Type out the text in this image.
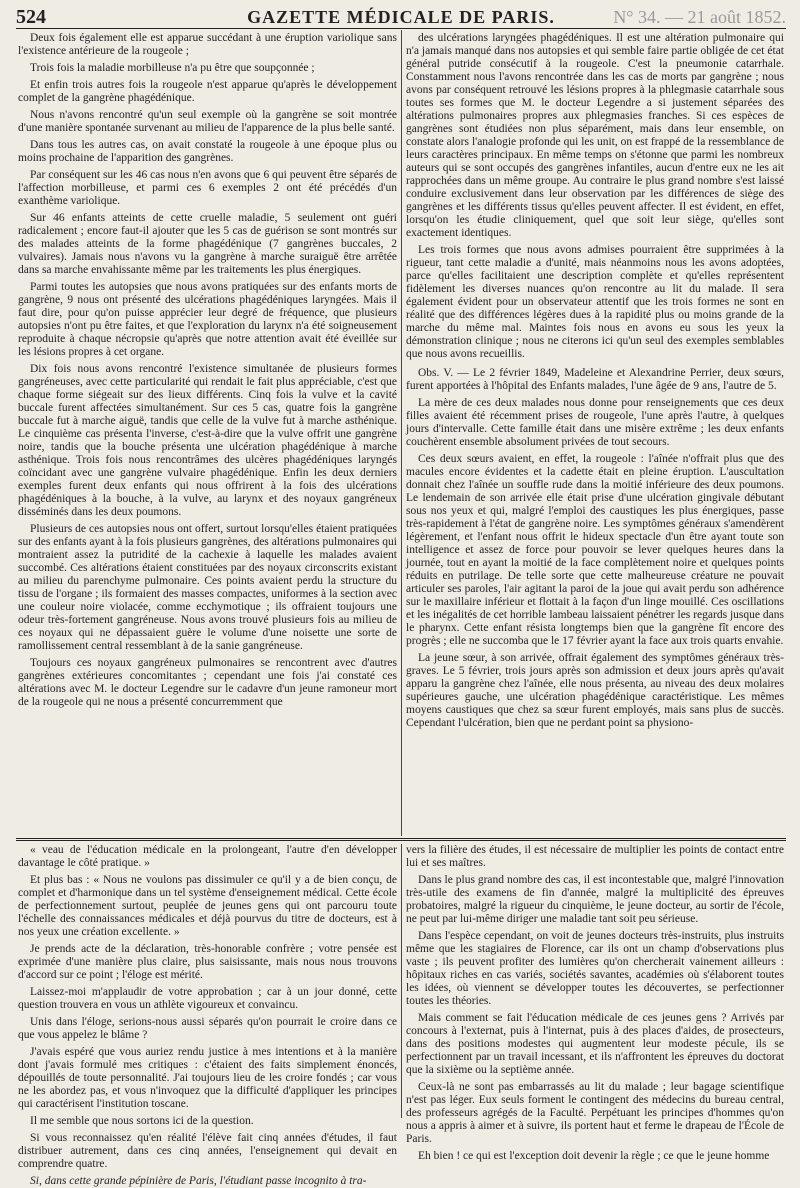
524	GAZETTE MÉDICALE DE PARIS.	N° 34. — 21 août 1852.

Deux fois également elle est apparue succédant à une éruption variolique sans l'existence antérieure de la rougeole ;

Trois fois la maladie morbilleuse n'a pu être que soupçonnée ;

Et enfin trois autres fois la rougeole n'est apparue qu'après le développement complet de la gangrène phagédénique.

Nous n'avons rencontré qu'un seul exemple où la gangrène se soit montrée d'une manière spontanée survenant au milieu de l'apparence de la plus belle santé.

Dans tous les autres cas, on avait constaté la rougeole à une époque plus ou moins prochaine de l'apparition des gangrènes.

Par conséquent sur les 46 cas nous n'en avons que 6 qui peuvent être séparés de l'affection morbilleuse, et parmi ces 6 exemples 2 ont été précédés d'un exanthème variolique.

Sur 46 enfants atteints de cette cruelle maladie, 5 seulement ont guéri radicalement ; encore faut-il ajouter que les 5 cas de guérison se sont montrés sur des malades atteints de la forme phagédénique (7 gangrènes buccales, 2 vulvaires). Jamais nous n'avons vu la gangrène à marche suraiguë être arrêtée dans sa marche envahissante même par les traitements les plus énergiques.

Parmi toutes les autopsies que nous avons pratiquées sur des enfants morts de gangrène, 9 nous ont présenté des ulcérations phagédéniques laryngées. Mais il faut dire, pour qu'on puisse apprécier leur degré de fréquence, que plusieurs autopsies n'ont pu être faites, et que l'exploration du larynx n'a été soigneusement reproduite à chaque nécropsie qu'après que notre attention avait été éveillée sur les lésions propres à cet organe.

Dix fois nous avons rencontré l'existence simultanée de plusieurs formes gangréneuses, avec cette particularité qui rendait le fait plus appréciable, c'est que chaque forme siégeait sur des lieux différents. Cinq fois la vulve et la cavité buccale furent affectées simultanément. Sur ces 5 cas, quatre fois la gangrène buccale fut à marche aiguë, tandis que celle de la vulve fut à marche asthénique. Le cinquième cas présenta l'inverse, c'est-à-dire que la vulve offrit une gangrène noire, tandis que la bouche présenta une ulcération phagédénique à marche asthénique. Trois fois nous rencontrâmes des ulcères phagédéniques laryngés coïncidant avec une gangrène vulvaire phagédénique. Enfin les deux derniers exemples furent deux enfants qui nous offrirent à la fois des ulcérations phagédéniques à la bouche, à la vulve, au larynx et des noyaux gangréneux disséminés dans les deux poumons.

Plusieurs de ces autopsies nous ont offert, surtout lorsqu'elles étaient pratiquées sur des enfants ayant à la fois plusieurs gangrènes, des altérations pulmonaires qui montraient assez la putridité de la cachexie à laquelle les malades avaient succombé. Ces altérations étaient constituées par des noyaux circonscrits existant au milieu du parenchyme pulmonaire. Ces points avaient perdu la structure du tissu de l'organe ; ils formaient des masses compactes, uniformes à la section avec une couleur noire violacée, comme ecchymotique ; ils offraient toujours une odeur très-fortement gangréneuse. Nous avons trouvé plusieurs fois au milieu de ces noyaux qui ne dépassaient guère le volume d'une noisette une sorte de ramollissement central ressemblant à de la sanie gangréneuse.

Toujours ces noyaux gangréneux pulmonaires se rencontrent avec d'autres gangrènes extérieures concomitantes ; cependant une fois j'ai constaté ces altérations avec M. le docteur Legendre sur le cadavre d'un jeune ramoneur mort de la rougeole qui ne nous a présenté concurremment que

des ulcérations laryngées phagédéniques. Il est une altération pulmonaire qui n'a jamais manqué dans nos autopsies et qui semble faire partie obligée de cet état général putride consécutif à la rougeole. C'est la pneumonie catarrhale. Constamment nous l'avons rencontrée dans les cas de morts par gangrène ; nous avons par conséquent retrouvé les lésions propres à la phlegmasie catarrhale sous toutes ses formes que M. le docteur Legendre a si justement séparées des altérations pulmonaires propres aux phlegmasies franches. Si ces espèces de gangrènes sont étudiées non plus séparément, mais dans leur ensemble, on constate alors l'analogie profonde qui les unit, on est frappé de la ressemblance de leurs caractères principaux. En même temps on s'étonne que parmi les nombreux auteurs qui se sont occupés des gangrènes infantiles, aucun d'entre eux ne les ait rapprochées dans un même groupe. Au contraire le plus grand nombre s'est laissé conduire exclusivement dans leur observation par les différences de siège des gangrènes et les différents tissus qu'elles peuvent affecter. Il est évident, en effet, lorsqu'on les étudie cliniquement, quel que soit leur siège, qu'elles sont exactement identiques.

Les trois formes que nous avons admises pourraient être supprimées à la rigueur, tant cette maladie a d'unité, mais néanmoins nous les avons adoptées, parce qu'elles facilitaient une description complète et qu'elles représentent fidèlement les diverses nuances qu'on rencontre au lit du malade. Il sera également évident pour un observateur attentif que les trois formes ne sont en réalité que des différences légères dues à la rapidité plus ou moins grande de la marche du même mal. Maintes fois nous en avons eu sous les yeux la démonstration clinique ; nous ne citerons ici qu'un seul des exemples semblables que nous avons recueillis.

Obs. V. — Le 2 février 1849, Madeleine et Alexandrine Perrier, deux sœurs, furent apportées à l'hôpital des Enfants malades, l'une âgée de 9 ans, l'autre de 5.

La mère de ces deux malades nous donne pour renseignements que ces deux filles avaient été récemment prises de rougeole, l'une après l'autre, à quelques jours d'intervalle. Cette famille était dans une misère extrême ; les deux enfants couchèrent ensemble absolument privées de tout secours.

Ces deux sœurs avaient, en effet, la rougeole : l'aînée n'offrait plus que des macules encore évidentes et la cadette était en pleine éruption. L'auscultation donnait chez l'aînée un souffle rude dans la moitié inférieure des deux poumons. Le lendemain de son arrivée elle était prise d'une ulcération gingivale débutant sous nos yeux et qui, malgré l'emploi des caustiques les plus énergiques, passe très-rapidement à l'état de gangrène noire. Les symptômes généraux s'amendèrent légèrement, et l'enfant nous offrit le hideux spectacle d'un être ayant toute son intelligence et assez de force pour pouvoir se lever quelques heures dans la journée, tout en ayant la moitié de la face complètement noire et quelques points réduits en putrilage. De telle sorte que cette malheureuse créature ne pouvait articuler ses paroles, l'air agitant la paroi de la joue qui avait perdu son adhérence sur le maxillaire inférieur et flottait à la façon d'un linge mouillé. Ces oscillations et les inégalités de cet horrible lambeau laissaient pénétrer les regards jusque dans le pharynx. Cette enfant résista longtemps bien que la gangrène fît encore des progrès ; elle ne succomba que le 17 février ayant la face aux trois quarts envahie.

La jeune sœur, à son arrivée, offrait également des symptômes généraux très-graves. Le 5 février, trois jours après son admission et deux jours après qu'avait apparu la gangrène chez l'aînée, elle nous présenta, au niveau des deux molaires supérieures gauche, une ulcération phagédénique caractéristique. Les mêmes moyens caustiques que chez sa sœur furent employés, mais sans plus de succès. Cependant l'ulcération, bien que ne perdant point sa physiono-

« veau de l'éducation médicale en la prolongeant, l'autre d'en développer davantage le côté pratique. »

Et plus bas : « Nous ne voulons pas dissimuler ce qu'il y a de bien conçu, de complet et d'harmonique dans un tel système d'enseignement médical. Cette école de perfectionnement surtout, peuplée de jeunes gens qui ont parcouru toute l'échelle des connaissances médicales et déjà pourvus du titre de docteurs, est à nos yeux une création excellente. »

Je prends acte de la déclaration, très-honorable confrère ; votre pensée est exprimée d'une manière plus claire, plus saisissante, mais nous nous trouvons d'accord sur ce point ; l'éloge est mérité.

Laissez-moi m'applaudir de votre approbation ; car à un jour donné, cette question trouvera en vous un athlète vigoureux et convaincu.

Unis dans l'éloge, serions-nous aussi séparés qu'on pourrait le croire dans ce que vous appelez le blâme ?

J'avais espéré que vous auriez rendu justice à mes intentions et à la manière dont j'avais formulé mes critiques : c'étaient des faits simplement énoncés, dépouillés de toute personnalité. J'ai toujours lieu de les croire fondés ; car vous ne les abordez pas, et vous n'invoquez que la difficulté d'appliquer les principes qui caractérisent l'institution toscane.

Il me semble que nous sortons ici de la question.

Si vous reconnaissez qu'en réalité l'élève fait cinq années d'études, il faut distribuer autrement, dans ces cinq années, l'enseignement qui devait en comprendre quatre.

Si, dans cette grande pépinière de Paris, l'étudiant passe incognito à tra-

vers la filière des études, il est nécessaire de multiplier les points de contact entre lui et ses maîtres.

Dans le plus grand nombre des cas, il est incontestable que, malgré l'innovation très-utile des examens de fin d'année, malgré la multiplicité des épreuves probatoires, malgré la rigueur du cinquième, le jeune docteur, au sortir de l'école, ne peut par lui-même diriger une maladie tant soit peu sérieuse.

Dans l'espèce cependant, on voit de jeunes docteurs très-instruits, plus instruits même que les stagiaires de Florence, car ils ont un champ d'observations plus vaste ; ils peuvent profiter des lumières qu'on chercherait vainement ailleurs : hôpitaux riches en cas variés, sociétés savantes, académies où s'élaborent toutes les idées, où viennent se développer toutes les découvertes, se perfectionner toutes les théories.

Mais comment se fait l'éducation médicale de ces jeunes gens ? Arrivés par concours à l'externat, puis à l'internat, puis à des places d'aides, de prosecteurs, dans des positions modestes qui augmentent leur modeste pécule, ils se perfectionnent par un travail incessant, et ils n'affrontent les épreuves du doctorat que la sixième ou la septième année.

Ceux-là ne sont pas embarrassés au lit du malade ; leur bagage scientifique n'est pas léger. Eux seuls forment le contingent des médecins du bureau central, des professeurs agrégés de la Faculté. Perpétuant les principes d'hommes qu'on nous a appris à aimer et à suivre, ils portent haut et ferme le drapeau de l'École de Paris.

Eh bien ! ce qui est l'exception doit devenir la règle ; ce que le jeune homme
